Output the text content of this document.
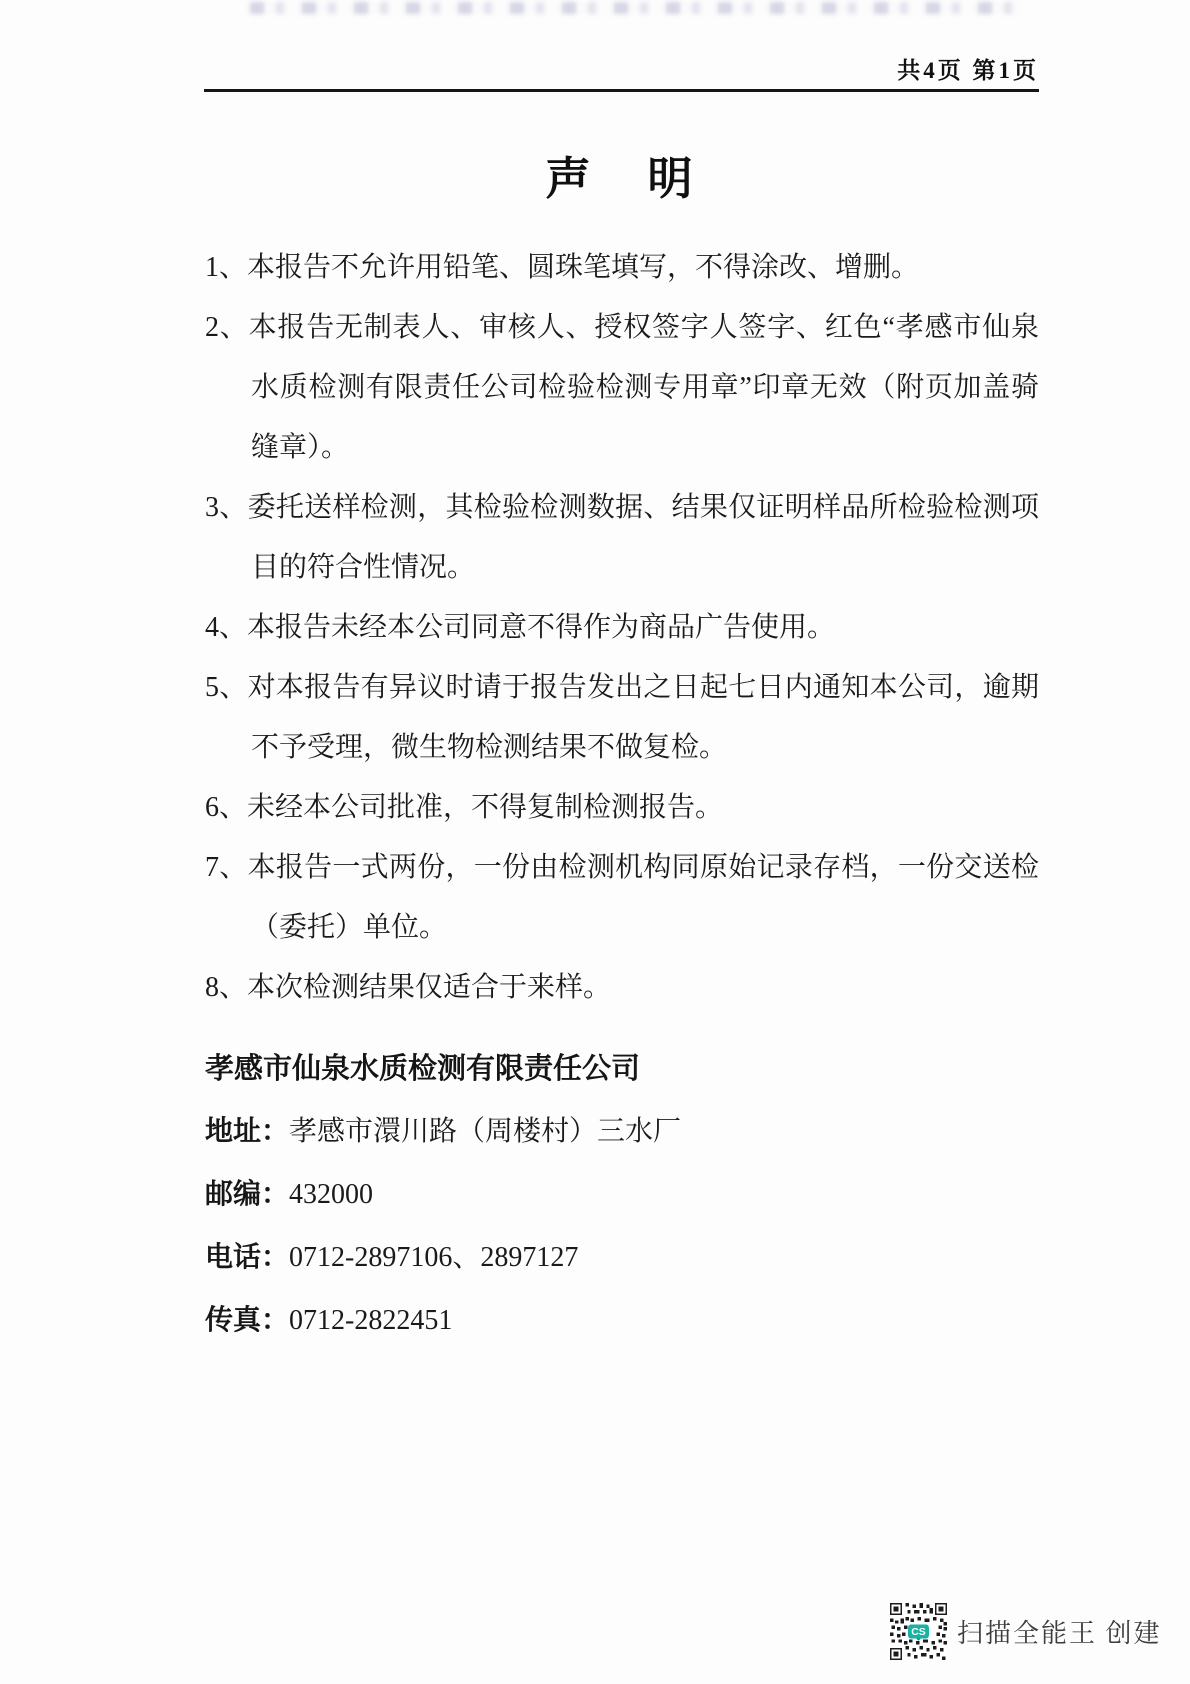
共4页 第1页
声　明
1、本报告不允许用铅笔、圆珠笔填写，不得涂改、增删。
2、本报告无制表人、审核人、授权签字人签字、红色“孝感市仙泉水质检测有限责任公司检验检测专用章”印章无效（附页加盖骑缝章）。
3、委托送样检测，其检验检测数据、结果仅证明样品所检验检测项目的符合性情况。
4、本报告未经本公司同意不得作为商品广告使用。
5、对本报告有异议时请于报告发出之日起七日内通知本公司，逾期不予受理，微生物检测结果不做复检。
6、未经本公司批准，不得复制检测报告。
7、本报告一式两份，一份由检测机构同原始记录存档，一份交送检（委托）单位。
8、本次检测结果仅适合于来样。
孝感市仙泉水质检测有限责任公司
地址：孝感市澴川路（周楼村）三水厂
邮编：432000
电话：0712-2897106、2897127
传真：0712-2822451
CS 扫描全能王 创建
